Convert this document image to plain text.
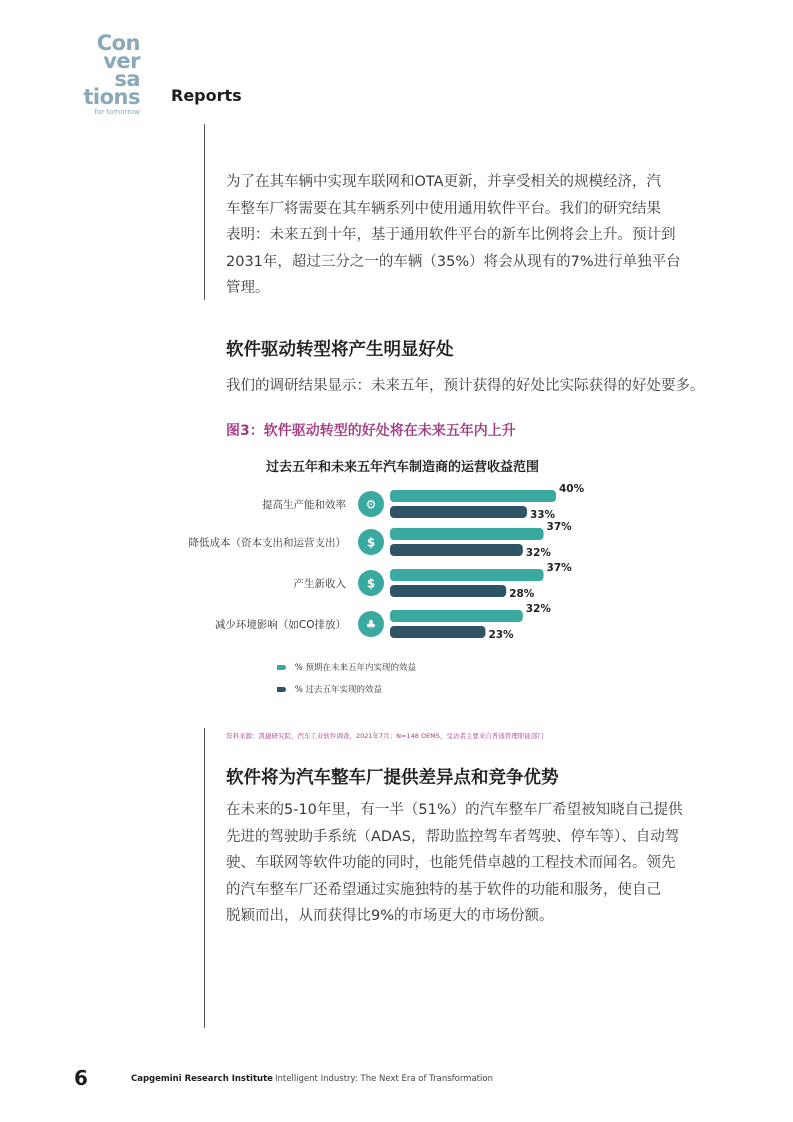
Con
ver
sa
tions
for tomorrow
Reports
为了在其车辆中实现车联网和OTA更新，并享受相关的规模经济，汽
车整车厂将需要在其车辆系列中使用通用软件平台。我们的研究结果
表明：未来五到十年，基于通用软件平台的新车比例将会上升。预计到
2031年，超过三分之一的车辆（35%）将会从现有的7%进行单独平台
管理。
软件驱动转型将产生明显好处

我们的调研结果显示：未来五年，预计获得的好处比实际获得的好处要多。

图3：软件驱动转型的好处将在未来五年内上升

过去五年和未来五年汽车制造商的运营收益范围

提高生产能和效率 ⚙
40%
33%
降低成本（资本支出和运营支出） $
37%
32%
产生新收入 $
37%
28%
减少环境影响（如CO排放） ♣
32%
23%
% 预期在未来五年内实现的效益
% 过去五年实现的效益

资料来源：凯捷研究院，汽车工业软件调查，2021年7月；N=148 OEMS，受访者主要来自普通管理职能部门

软件将为汽车整车厂提供差异点和竞争优势
在未来的5-10年里，有一半（51%）的汽车整车厂希望被知晓自己提供
先进的驾驶助手系统（ADAS，帮助监控驾车者驾驶、停车等）、自动驾
驶、车联网等软件功能的同时，也能凭借卓越的工程技术而闻名。领先
的汽车整车厂还希望通过实施独特的基于软件的功能和服务，使自己
脱颖而出，从而获得比9%的市场更大的市场份额。
6	Capgemini Research Institute Intelligent Industry: The Next Era of Transformation
